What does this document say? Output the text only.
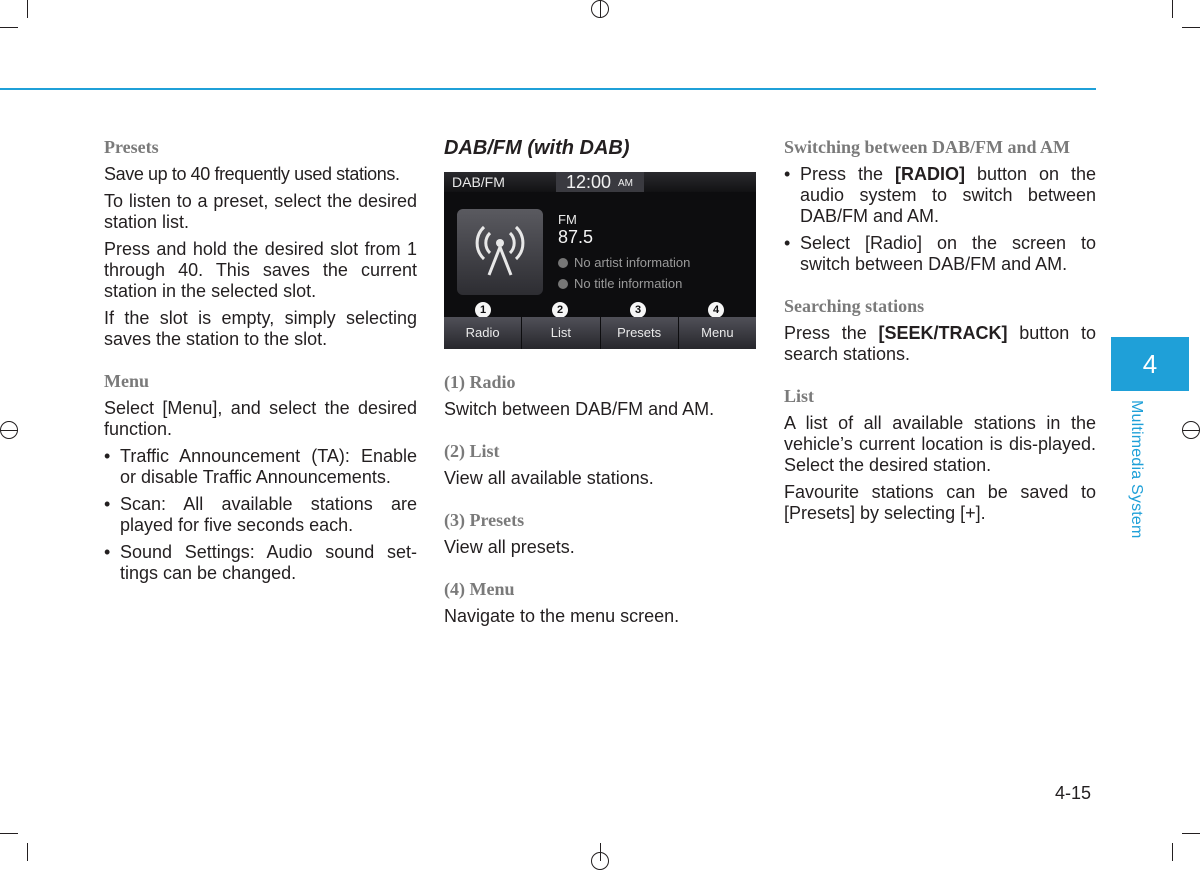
Presets

Save up to 40 frequently used stations.

To listen to a preset, select the desired station list.

Press and hold the desired slot from 1 through 40. This saves the current station in the selected slot.

If the slot is empty, simply selecting saves the station to the slot.

Menu

Select [Menu], and select the desired function.

• Traffic Announcement (TA): Enable or disable Traffic Announcements.
• Scan: All available stations are played for five seconds each.
• Sound Settings: Audio sound set-tings can be changed.
DAB/FM (with DAB)
DAB/FM	12:00 AM
FM
87.5
No artist information
No title information
1	2	3	4
Radio	List	Presets	Menu
(1) Radio

Switch between DAB/FM and AM.

(2) List

View all available stations.

(3) Presets

View all presets.

(4) Menu

Navigate to the menu screen.

Switching between DAB/FM and AM
• Press the [RADIO] button on the audio system to switch between DAB/FM and AM.
• Select [Radio] on the screen to switch between DAB/FM and AM.
Searching stations

Press the [SEEK/TRACK] button to search stations.

List

A list of all available stations in the vehicle’s current location is dis-played. Select the desired station.

Favourite stations can be saved to [Presets] by selecting [+].

4
Multimedia System
4-15
